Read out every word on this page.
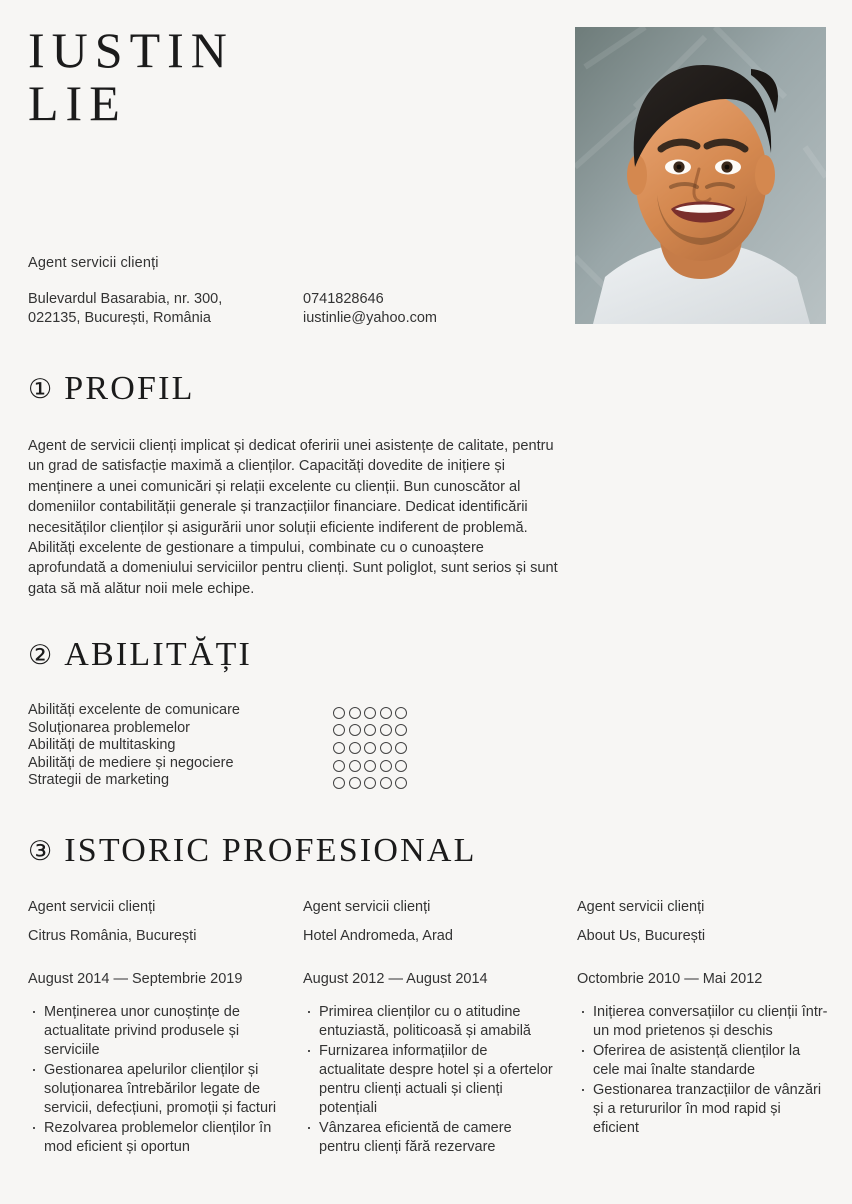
IUSTIN
LIE
Agent servicii clienți
Bulevardul Basarabia, nr. 300,
022135, București, România
0741828646
iustinlie@yahoo.com
① PROFIL
Agent de servicii clienți implicat și dedicat oferirii unei asistențe de calitate, pentru un grad de satisfacție maximă a clienților. Capacități dovedite de inițiere și menținere a unei comunicări și relații excelente cu clienții. Bun cunoscător al domeniilor contabilității generale și tranzacțiilor financiare. Dedicat identificării necesităților clienților și asigurării unor soluții eficiente indiferent de problemă. Abilități excelente de gestionare a timpului, combinate cu o cunoaștere aprofundată a domeniului serviciilor pentru clienți. Sunt poliglot, sunt serios și sunt gata să mă alătur noii mele echipe.
② ABILITĂȚI
Abilități excelente de comunicare
Soluționarea problemelor
Abilități de multitasking
Abilități de mediere și negociere
Strategii de marketing
③ ISTORIC PROFESIONAL
Agent servicii clienți
Citrus România, București
August 2014 — Septembrie 2019
· Menținerea unor cunoștințe de actualitate privind produsele și serviciile
· Gestionarea apelurilor clienților și soluționarea întrebărilor legate de servicii, defecțiuni, promoții și facturi
· Rezolvarea problemelor clienților în mod eficient și oportun
Agent servicii clienți
Hotel Andromeda, Arad
August 2012 — August 2014
· Primirea clienților cu o atitudine entuziastă, politicoasă și amabilă
· Furnizarea informațiilor de actualitate despre hotel și a ofertelor pentru clienți actuali și clienți potențiali
· Vânzarea eficientă de camere pentru clienți fără rezervare
Agent servicii clienți
About Us, București
Octombrie 2010 — Mai 2012
· Inițierea conversațiilor cu clienții într-un mod prietenos și deschis
· Oferirea de asistență clienților la cele mai înalte standarde
· Gestionarea tranzacțiilor de vânzări și a retururilor în mod rapid și eficient
